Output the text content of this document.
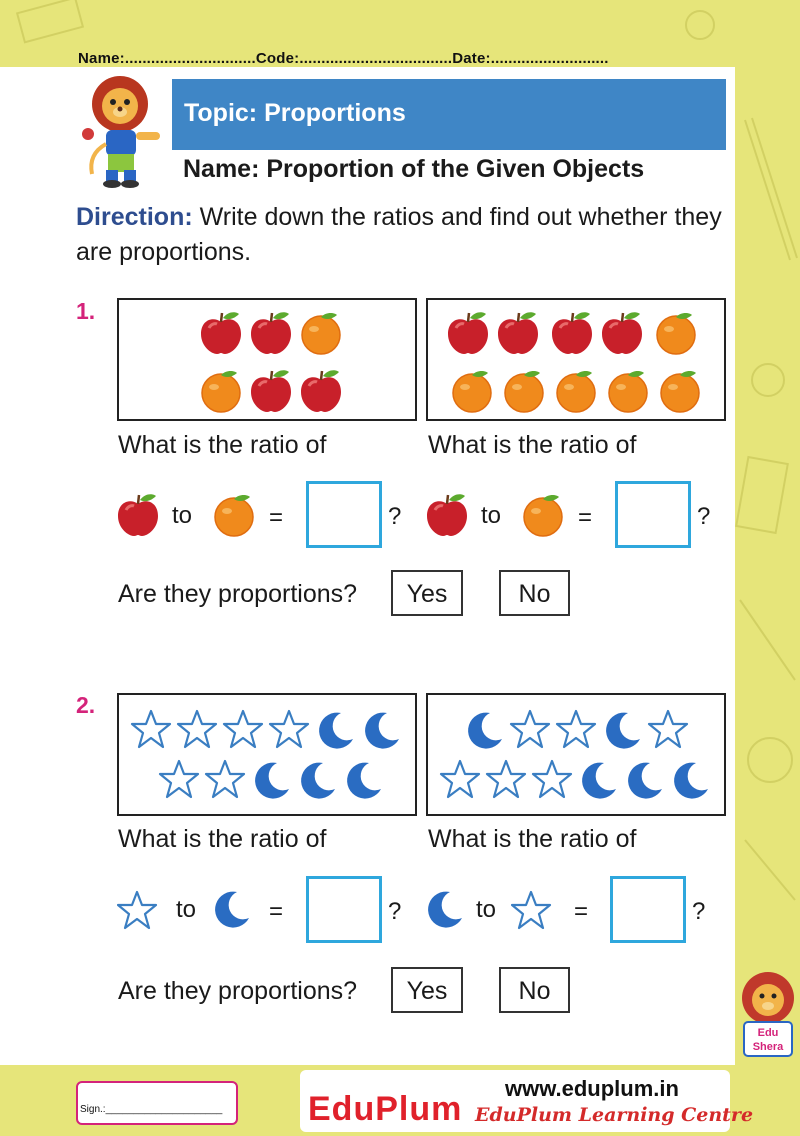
Name:..............................Code:...................................Date:...........................
Topic: Proportions
Name: Proportion of the Given Objects
Direction: Write down the ratios and find out whether they are proportions.
1.
What is the ratio of	What is the ratio of
to	=	?	to	=	?
Are they proportions?	Yes	No
2.
What is the ratio of	What is the ratio of
to	=	?	to	=	?
Are they proportions?	Yes	No
Edu
Shera
Sign.:_____________________
www.eduplum.in
EduPlum EduPlum Learning Centre
